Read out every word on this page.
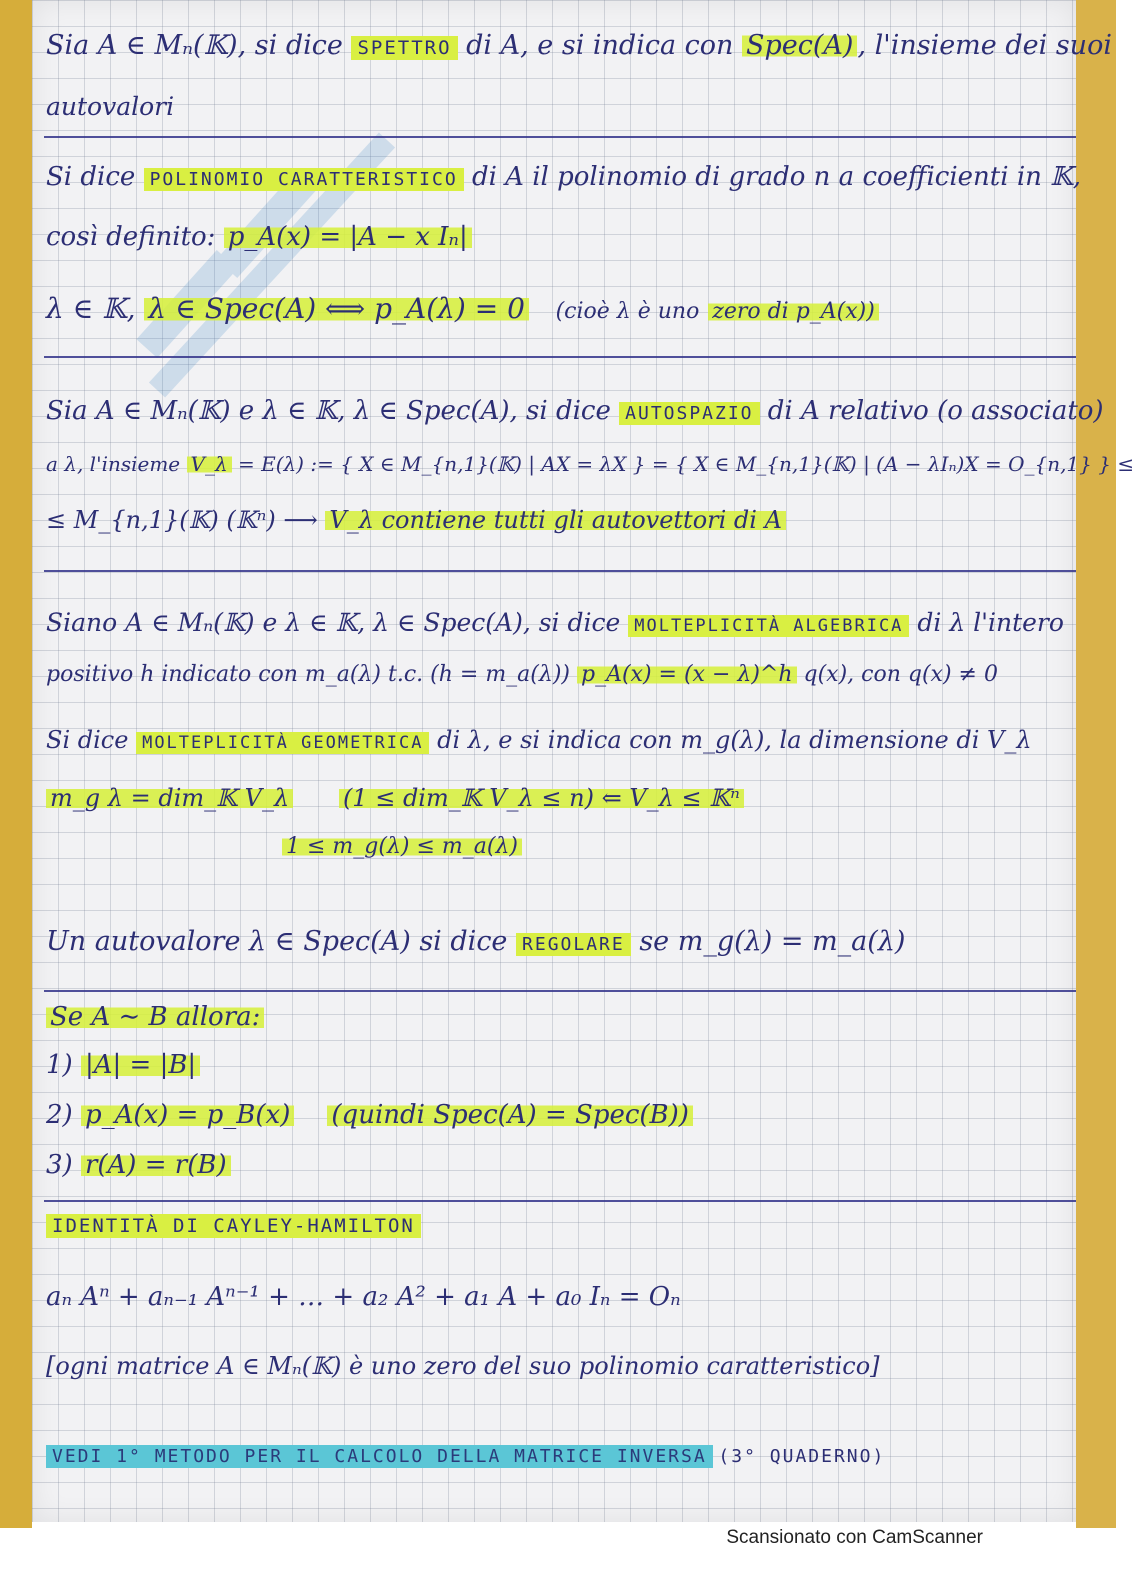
Sia A ∈ Mₙ(𝕂), si dice SPETTRO di A, e si indica con Spec(A) , l'insieme dei suoi
autovalori
Si dice POLINOMIO CARATTERISTICO di A il polinomio di grado n a coefficienti in 𝕂,
così definito: p_A(x) = |A − x Iₙ|
λ ∈ 𝕂, λ ∈ Spec(A) ⟺ p_A(λ) = 0 (cioè λ è uno zero di p_A(x))
Sia A ∈ Mₙ(𝕂) e λ ∈ 𝕂, λ ∈ Spec(A), si dice AUTOSPAZIO di A relativo (o associato)
a λ, l'insieme V_λ = E(λ) := { X ∈ M_{n,1}(𝕂) | AX = λX } = { X ∈ M_{n,1}(𝕂) | (A − λIₙ)X = O_{n,1} } ≤
≤ M_{n,1}(𝕂) (𝕂ⁿ) ⟶ V_λ contiene tutti gli autovettori di A
Siano A ∈ Mₙ(𝕂) e λ ∈ 𝕂, λ ∈ Spec(A), si dice MOLTEPLICITÀ ALGEBRICA di λ l'intero
positivo h indicato con m_a(λ) t.c. (h = m_a(λ)) p_A(x) = (x − λ)^h q(x), con q(x) ≠ 0
Si dice MOLTEPLICITÀ GEOMETRICA di λ, e si indica con m_g(λ), la dimensione di V_λ
m_g λ = dim_𝕂 V_λ (1 ≤ dim_𝕂 V_λ ≤ n) ⇐ V_λ ≤ 𝕂ⁿ
1 ≤ m_g(λ) ≤ m_a(λ)
Un autovalore λ ∈ Spec(A) si dice REGOLARE se m_g(λ) = m_a(λ)
Se A ∼ B allora:
1) |A| = |B|
2) p_A(x) = p_B(x) (quindi Spec(A) = Spec(B))
3) r(A) = r(B)
IDENTITÀ DI CAYLEY-HAMILTON
aₙ Aⁿ + aₙ₋₁ Aⁿ⁻¹ + … + a₂ A² + a₁ A + a₀ Iₙ = Oₙ
[ogni matrice A ∈ Mₙ(𝕂) è uno zero del suo polinomio caratteristico]
VEDI 1° METODO PER IL CALCOLO DELLA MATRICE INVERSA (3° QUADERNO)
Scansionato con CamScanner
